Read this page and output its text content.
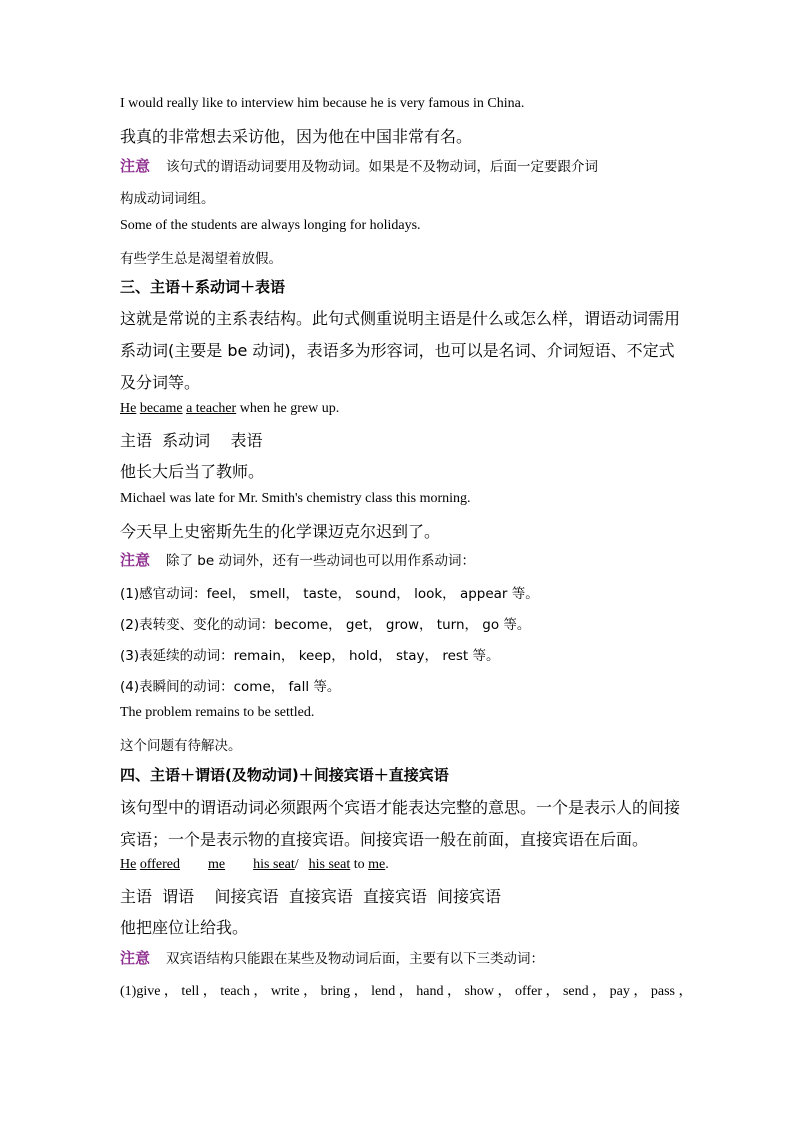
I would really like to interview him because he is very famous in China.
我真的非常想去采访他，因为他在中国非常有名。
注意 该句式的谓语动词要用及物动词。如果是不及物动词，后面一定要跟介词
构成动词词组。
Some of the students are always longing for holidays.
有些学生总是渴望着放假。
三、主语＋系动词＋表语
这就是常说的主系表结构。此句式侧重说明主语是什么或怎么样，谓语动词需用
系动词(主要是 be 动词)，表语多为形容词，也可以是名词、介词短语、不定式
及分词等。
He became a teacher when he grew up.
主语  系动词    表语
他长大后当了教师。
Michael was late for Mr. Smith's chemistry class this morning.
今天早上史密斯先生的化学课迈克尔迟到了。
注意 除了 be 动词外，还有一些动词也可以用作系动词：
(1)感官动词：feel， smell， taste， sound， look， appear 等。
(2)表转变、变化的动词：become， get， grow， turn， go 等。
(3)表延续的动词：remain， keep， hold， stay， rest 等。
(4)表瞬间的动词：come， fall 等。
The problem remains to be settled.
这个问题有待解决。
四、主语＋谓语(及物动词)＋间接宾语＋直接宾语
该句型中的谓语动词必须跟两个宾语才能表达完整的意思。一个是表示人的间接
宾语；一个是表示物的直接宾语。间接宾语一般在前面，直接宾语在后面。
He offered me his seat/ his seat to me.
主语  谓语    间接宾语  直接宾语  直接宾语  间接宾语
他把座位让给我。
注意 双宾语结构只能跟在某些及物动词后面，主要有以下三类动词：
(1)give ， tell ， teach ， write ， bring ， lend ， hand ， show ， offer ， send ， pay ， pass ，
